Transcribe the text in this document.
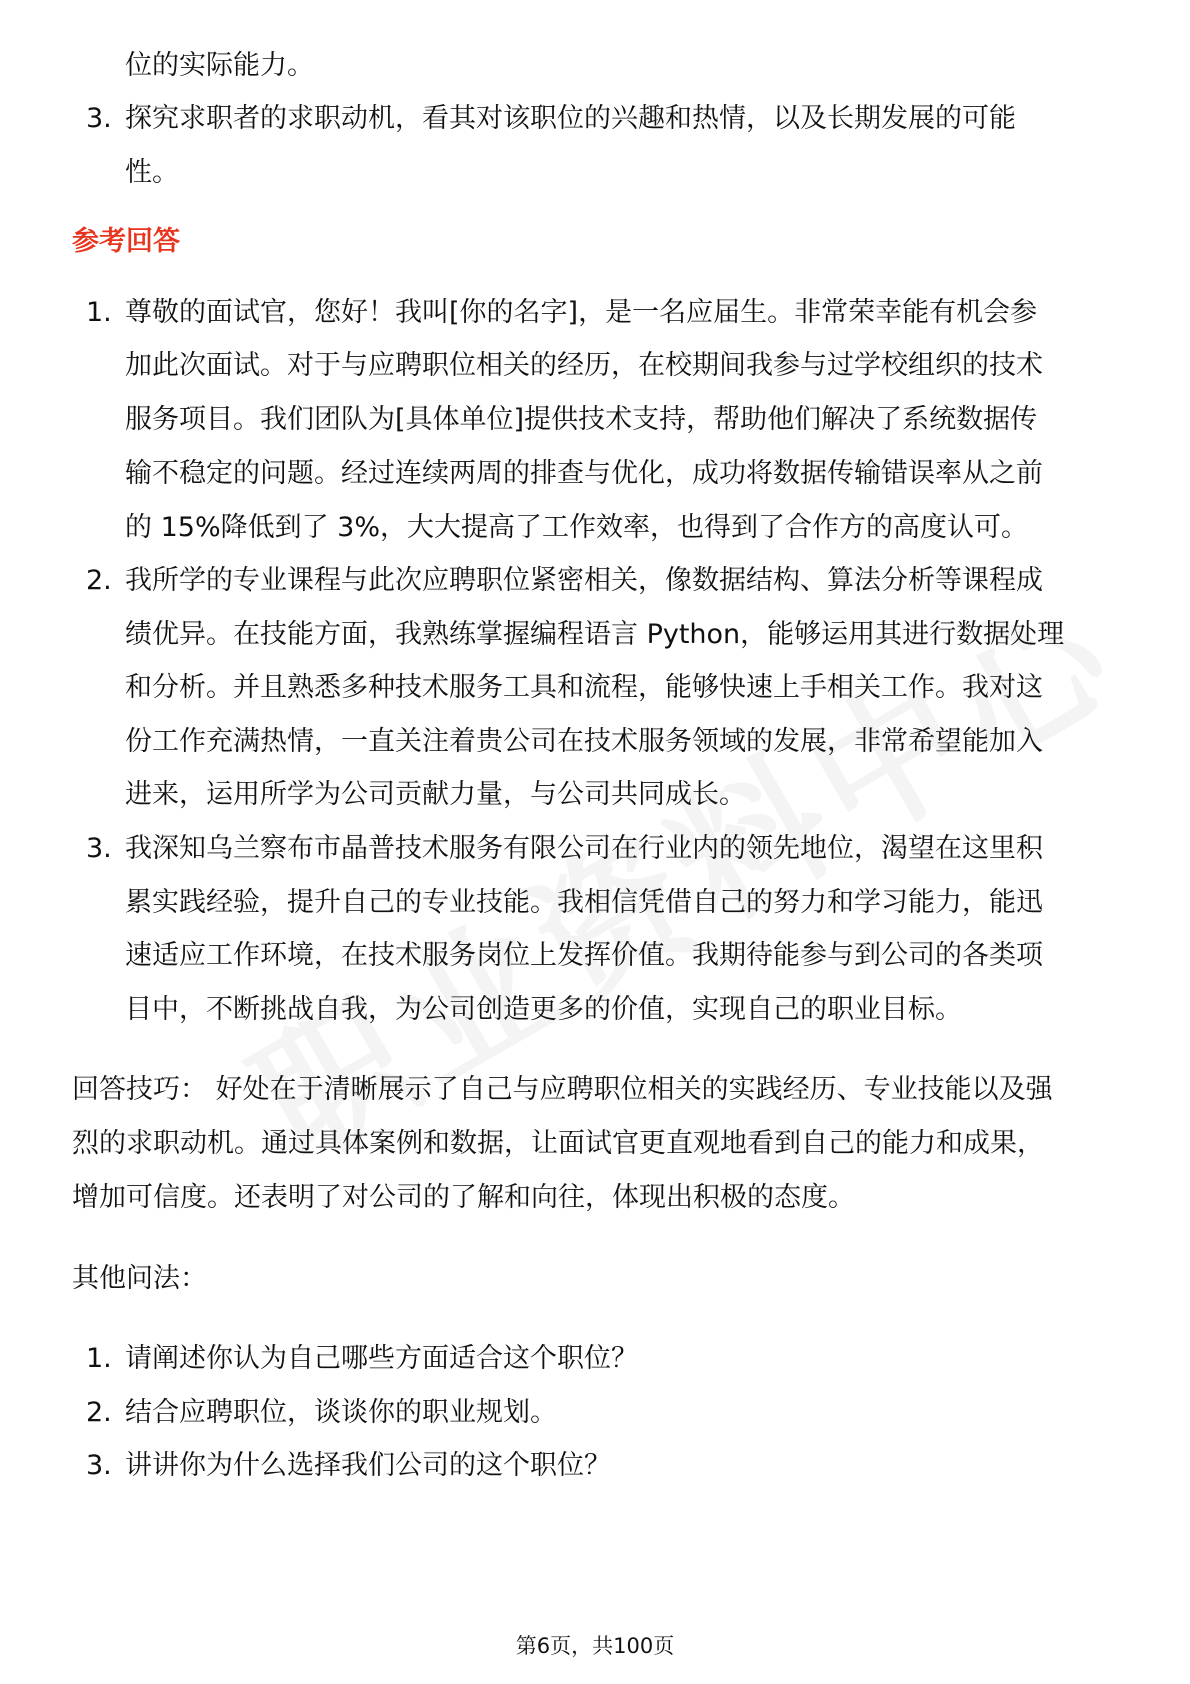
位的实际能力。
3. 探究求职者的求职动机，看其对该职位的兴趣和热情，以及长期发展的可能
性。
参考回答
1. 尊敬的面试官，您好！我叫[你的名字]，是一名应届生。非常荣幸能有机会参
加此次面试。对于与应聘职位相关的经历，在校期间我参与过学校组织的技术
服务项目。我们团队为[具体单位]提供技术支持，帮助他们解决了系统数据传
输不稳定的问题。经过连续两周的排查与优化，成功将数据传输错误率从之前
的 15%降低到了 3%，大大提高了工作效率，也得到了合作方的高度认可。
2. 我所学的专业课程与此次应聘职位紧密相关，像数据结构、算法分析等课程成
绩优异。在技能方面，我熟练掌握编程语言 Python，能够运用其进行数据处理
和分析。并且熟悉多种技术服务工具和流程，能够快速上手相关工作。我对这
份工作充满热情，一直关注着贵公司在技术服务领域的发展，非常希望能加入
进来，运用所学为公司贡献力量，与公司共同成长。
3. 我深知乌兰察布市晶普技术服务有限公司在行业内的领先地位，渴望在这里积
累实践经验，提升自己的专业技能。我相信凭借自己的努力和学习能力，能迅
速适应工作环境，在技术服务岗位上发挥价值。我期待能参与到公司的各类项
目中，不断挑战自我，为公司创造更多的价值，实现自己的职业目标。
回答技巧： 好处在于清晰展示了自己与应聘职位相关的实践经历、专业技能以及强
烈的求职动机。通过具体案例和数据，让面试官更直观地看到自己的能力和成果，
增加可信度。还表明了对公司的了解和向往，体现出积极的态度。
其他问法：
1. 请阐述你认为自己哪些方面适合这个职位？
2. 结合应聘职位，谈谈你的职业规划。
3. 讲讲你为什么选择我们公司的这个职位？
第6页，共100页
